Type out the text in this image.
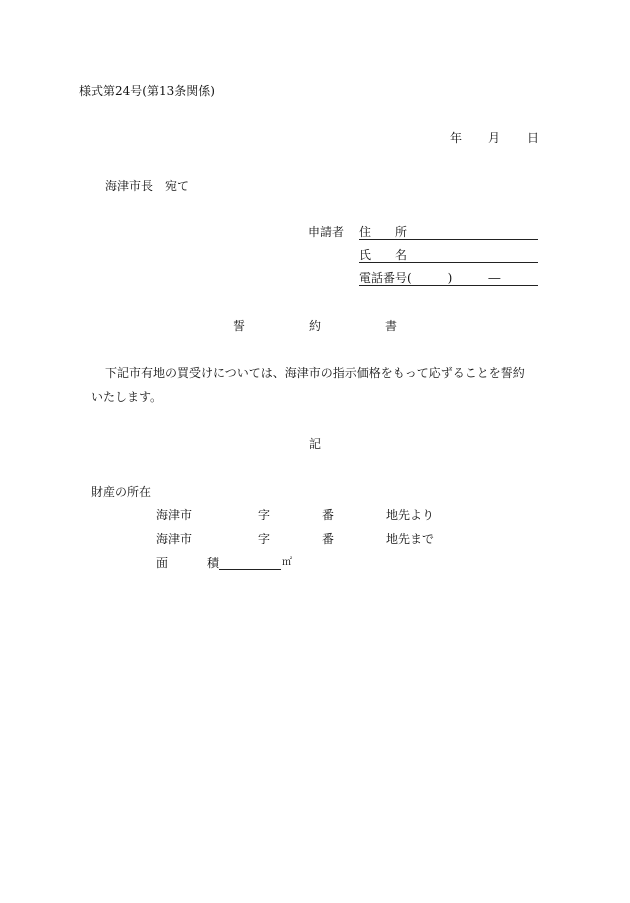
様式第24号(第13条関係)
年 月 日
海津市長 宛て
申請者 住　　所
氏　　名
電話番号(　　　)　　　―
誓	約	書
下記市有地の買受けについては、海津市の指示価格をもって応ずることを誓約
いたします。
記
財産の所在
海津市	字	番	地先より
海津市	字	番	地先まで
面	積	㎡
